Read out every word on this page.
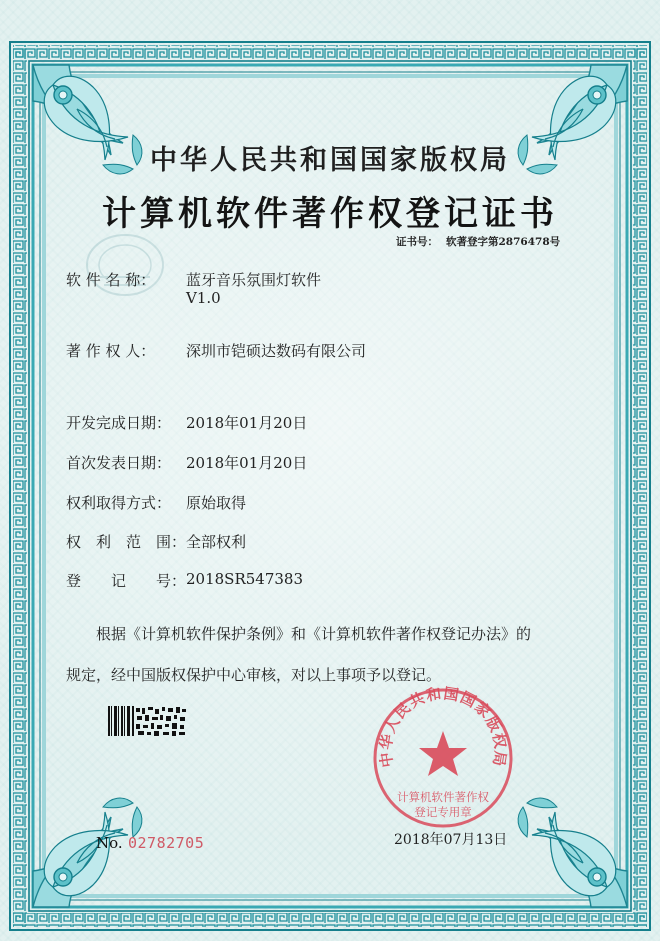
中华人民共和国国家版权局
计算机软件著作权登记证书
证书号： 软著登字第2876478号
软 件 名 称： 蓝牙音乐氛围灯软件
V1.0
著 作 权 人： 深圳市铠硕达数码有限公司
开发完成日期： 2018年01月20日
首次发表日期： 2018年01月20日
权利取得方式： 原始取得
权　利　范　围： 全部权利
登　　记　　号： 2018SR547383
根据《计算机软件保护条例》和《计算机软件著作权登记办法》的
规定，经中国版权保护中心审核，对以上事项予以登记。
No. 02782705	2018年07月13日
中华人民共和国国家版权局
计算机软件著作权
登记专用章
